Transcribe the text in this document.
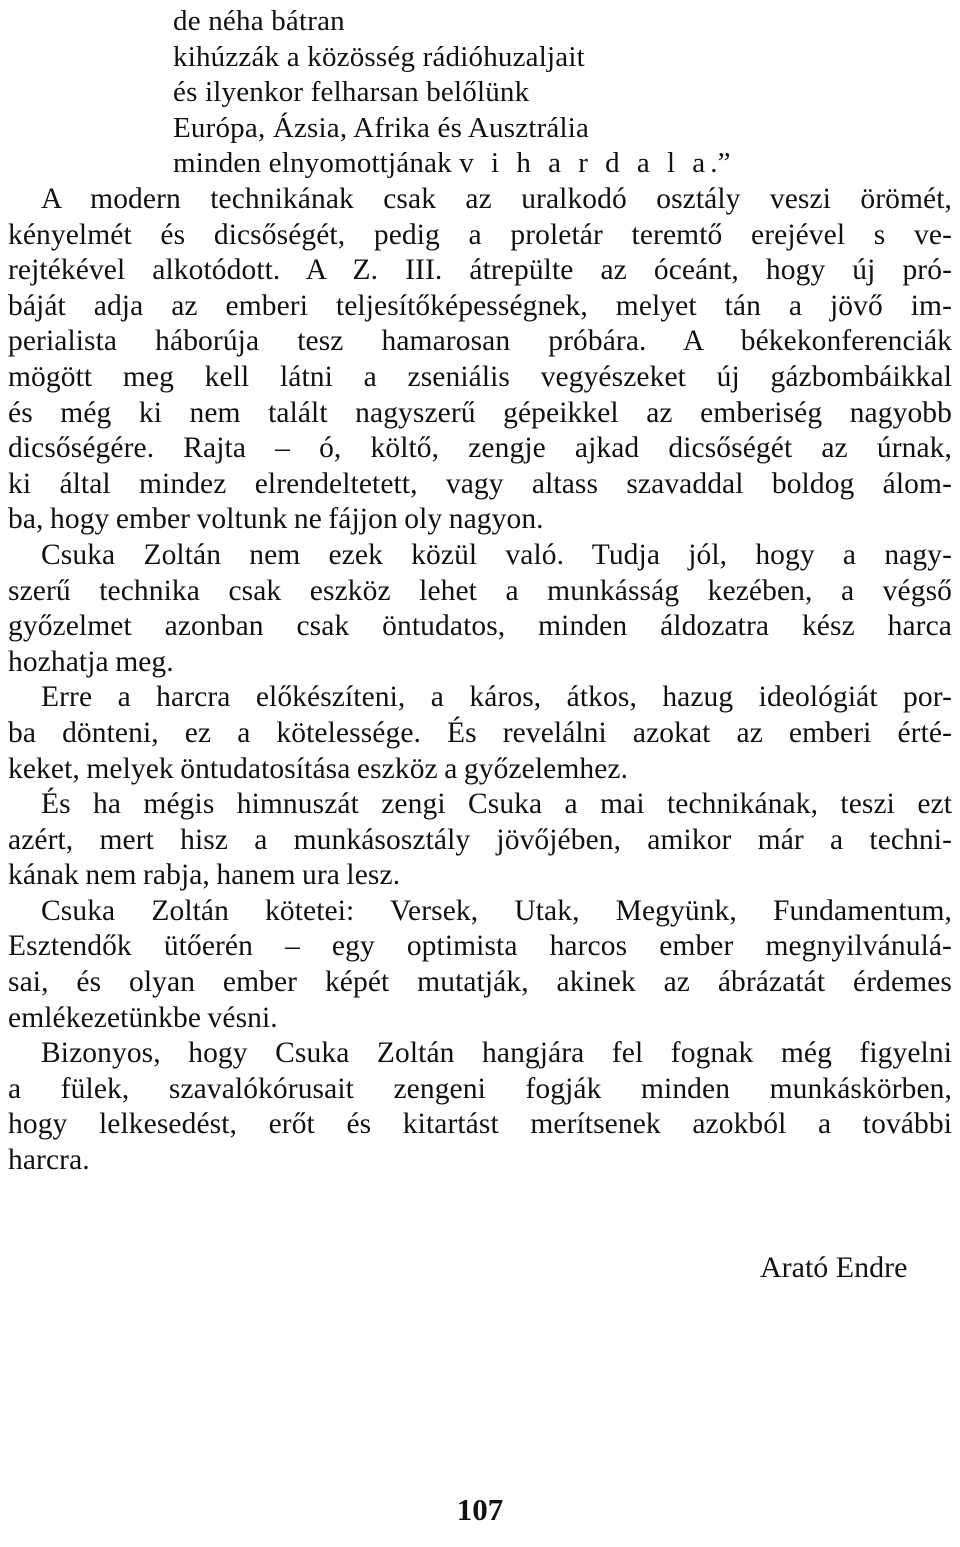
de néha bátran
kihúzzák a közösség rádióhuzaljait
és ilyenkor felharsan belőlünk
Európa, Ázsia, Afrika és Ausztrália
minden elnyomottjának v i h a r d a l a.”
A modern technikának csak az uralkodó osztály veszi örömét,
kényelmét és dicsőségét, pedig a proletár teremtő erejével s ve-
rejtékével alkotódott. A Z. III. átrepülte az óceánt, hogy új pró-
báját adja az emberi teljesítőképességnek, melyet tán a jövő im-
perialista háborúja tesz hamarosan próbára. A békekonferenciák
mögött meg kell látni a zseniális vegyészeket új gázbombáikkal
és még ki nem talált nagyszerű gépeikkel az emberiség nagyobb
dicsőségére. Rajta – ó, költő, zengje ajkad dicsőségét az úrnak,
ki által mindez elrendeltetett, vagy altass szavaddal boldog álom-
ba, hogy ember voltunk ne fájjon oly nagyon.
Csuka Zoltán nem ezek közül való. Tudja jól, hogy a nagy-
szerű technika csak eszköz lehet a munkásság kezében, a végső
győzelmet azonban csak öntudatos, minden áldozatra kész harca
hozhatja meg.
Erre a harcra előkészíteni, a káros, átkos, hazug ideológiát por-
ba dönteni, ez a kötelessége. És revelálni azokat az emberi érté-
keket, melyek öntudatosítása eszköz a győzelemhez.
És ha mégis himnuszát zengi Csuka a mai technikának, teszi ezt
azért, mert hisz a munkásosztály jövőjében, amikor már a techni-
kának nem rabja, hanem ura lesz.
Csuka Zoltán kötetei: Versek, Utak, Megyünk, Fundamentum,
Esztendők ütőerén – egy optimista harcos ember megnyilvánulá-
sai, és olyan ember képét mutatják, akinek az ábrázatát érdemes
emlékezetünkbe vésni.
Bizonyos, hogy Csuka Zoltán hangjára fel fognak még figyelni
a fülek, szavalókórusait zengeni fogják minden munkáskörben,
hogy lelkesedést, erőt és kitartást merítsenek azokból a további
harcra.
Arató Endre
107
